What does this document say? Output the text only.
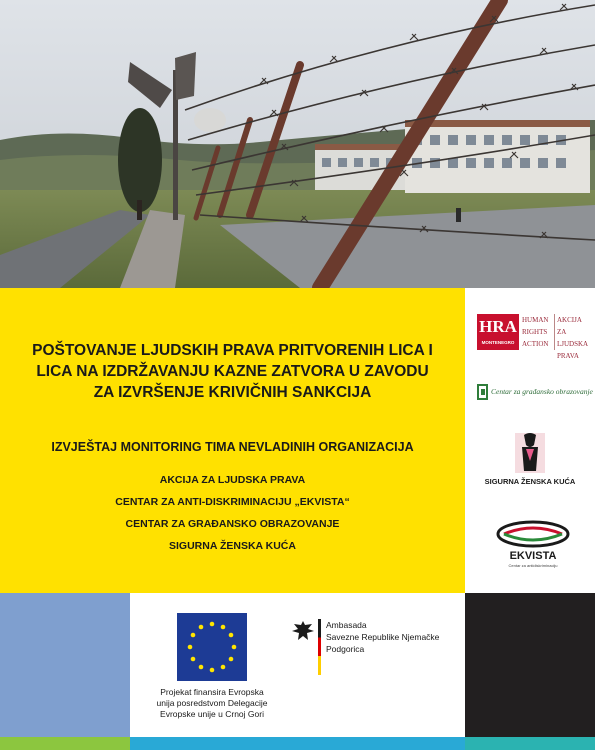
POŠTOVANJE LJUDSKIH PRAVA PRITVORENIH LICA I
LICA NA IZDRŽAVANJU KAZNE ZATVORA U ZAVODU
ZA IZVRŠENJE KRIVIČNIH SANKCIJA
IZVJEŠTAJ MONITORING TIMA NEVLADINIH ORGANIZACIJA
AKCIJA ZA LJUDSKA PRAVA
CENTAR ZA ANTI-DISKRIMINACIJU „EKVISTA“
CENTAR ZA GRAĐANSKO OBRAZOVANJE
SIGURNA ŽENSKA KUĆA
HRA
MONTENEGRO
HUMAN
RIGHTS
ACTION
AKCIJA ZA
LJUDSKA
PRAVA
Centar za građansko obrazovanje
SIGURNA ŽENSKA KUĆA
EKVISTA
Centar za antidiskriminaciju
Projekat finansira Evropska
unija posredstvom Delegacije
Evropske unije u Crnoj Gori
Ambasada
Savezne Republike Njemačke
Podgorica
